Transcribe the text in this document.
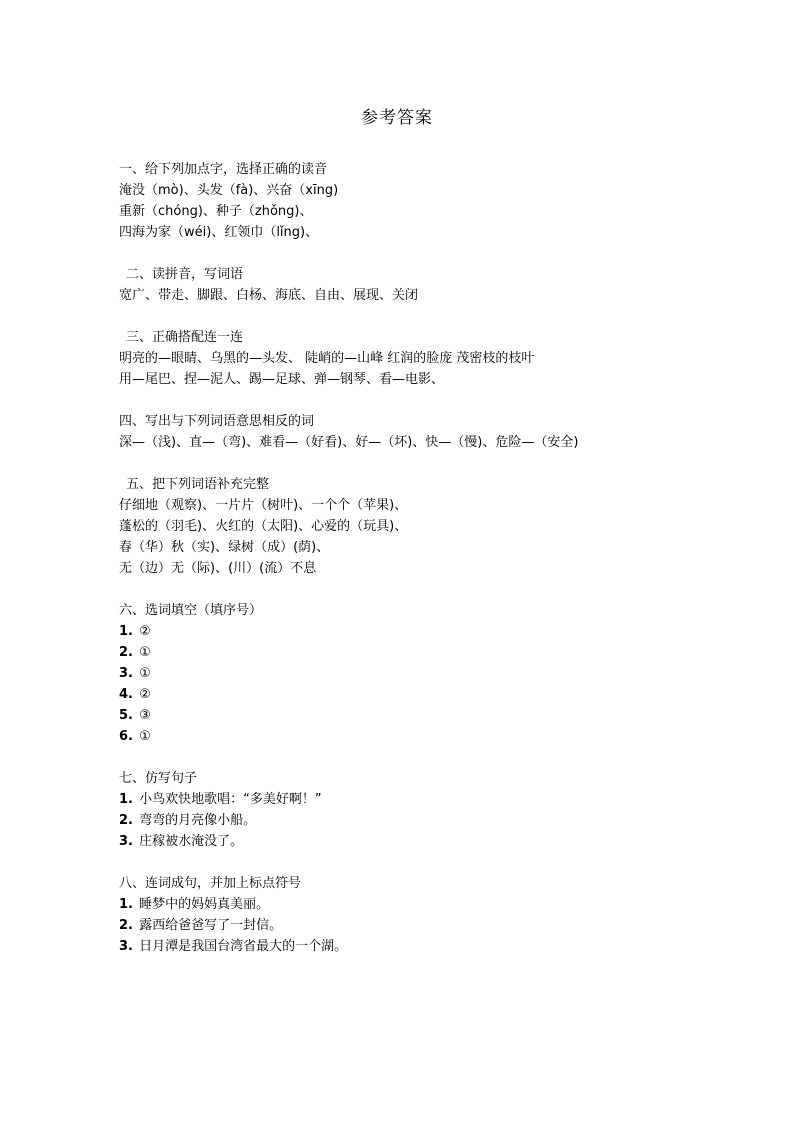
参考答案
一、给下列加点字，选择正确的读音
淹没（mò)、头发（fà)、兴奋（xīng)
重新（chóng)、种子（zhǒng)、
四海为家（wéi)、红领巾（lǐng)、
二、读拼音，写词语
宽广、带走、脚跟、白杨、海底、自由、展现、关闭
三、正确搭配连一连
明亮的—眼睛、乌黑的—头发、 陡峭的—山峰 红润的脸庞 茂密枝的枝叶
用—尾巴、捏—泥人、踢—足球、弹—钢琴、看—电影、
四、写出与下列词语意思相反的词
深—（浅)、直—（弯)、难看—（好看)、好—（坏)、快—（慢)、危险—（安全)
五、把下列词语补充完整
仔细地（观察)、一片片（树叶)、一个个（苹果)、
蓬松的（羽毛)、火红的（太阳)、心爱的（玩具)、
春（华）秋（实)、绿树（成）(荫)、
无（边）无（际)、(川）(流）不息
六、选词填空（填序号）
1. ②
2. ①
3. ①
4. ②
5. ③
6. ①
七、仿写句子
1. 小鸟欢快地歌唱：“多美好啊！”
2. 弯弯的月亮像小船。
3. 庄稼被水淹没了。
八、连词成句，并加上标点符号
1. 睡梦中的妈妈真美丽。
2. 露西给爸爸写了一封信。
3. 日月潭是我国台湾省最大的一个湖。
